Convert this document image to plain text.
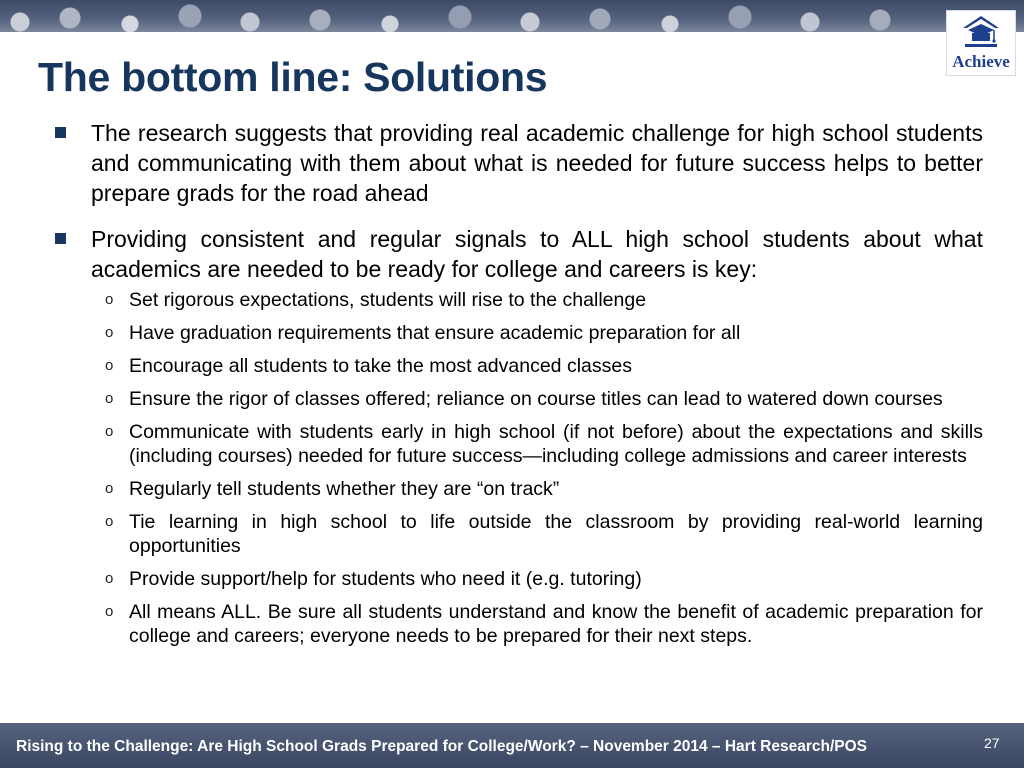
Achieve
The bottom line: Solutions
The research suggests that providing real academic challenge for high school students and communicating with them about what is needed for future success helps to better prepare grads for the road ahead
Providing consistent and regular signals to ALL high school students about what academics are needed to be ready for college and careers is key:
o Set rigorous expectations, students will rise to the challenge
o Have graduation requirements that ensure academic preparation for all
o Encourage all students to take the most advanced classes
o Ensure the rigor of classes offered; reliance on course titles can lead to watered down courses
o Communicate with students early in high school (if not before) about the expectations and skills (including courses) needed for future success—including college admissions and career interests
o Regularly tell students whether they are “on track”
o Tie learning in high school to life outside the classroom by providing real-world learning opportunities
o Provide support/help for students who need it (e.g. tutoring)
o All means ALL. Be sure all students understand and know the benefit of academic preparation for college and careers; everyone needs to be prepared for their next steps.
Rising to the Challenge: Are High School Grads Prepared for College/Work? – November 2014 – Hart Research/POS	27
